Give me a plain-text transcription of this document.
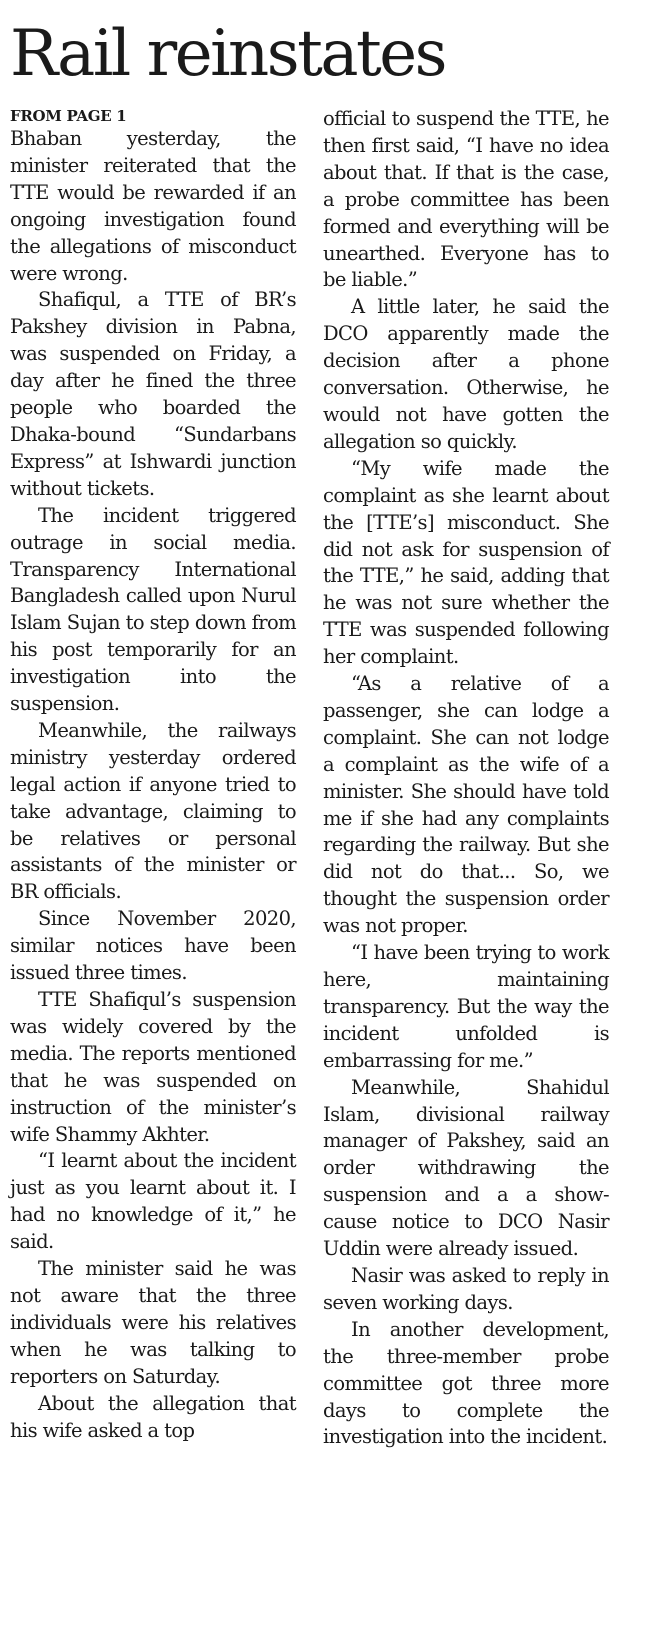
Rail reinstates
FROM PAGE 1

Bhaban yesterday, the minister reiterated that the TTE would be rewarded if an ongoing investigation found the allegations of misconduct were wrong.

Shafiqul, a TTE of BR’s Pakshey division in Pabna, was suspended on Friday, a day after he fined the three people who boarded the Dhaka-bound “Sundarbans Express” at Ishwardi junction without tickets.

The incident triggered outrage in social media. Transparency International Bangladesh called upon Nurul Islam Sujan to step down from his post temporarily for an investigation into the suspension.

Meanwhile, the railways ministry yesterday ordered legal action if anyone tried to take advantage, claiming to be relatives or personal assistants of the minister or BR officials.

Since November 2020, similar notices have been issued three times.

TTE Shafiqul’s suspension was widely covered by the media. The reports mentioned that he was suspended on instruction of the minister’s wife Shammy Akhter.

“I learnt about the incident just as you learnt about it. I had no knowledge of it,” he said.

The minister said he was not aware that the three individuals were his relatives when he was talking to reporters on Saturday.

About the allegation that his wife asked a top

official to suspend the TTE, he then first said, “I have no idea about that. If that is the case, a probe committee has been formed and everything will be unearthed. Everyone has to be liable.”

A little later, he said the DCO apparently made the decision after a phone conversation. Otherwise, he would not have gotten the allegation so quickly.

“My wife made the complaint as she learnt about the [TTE’s] misconduct. She did not ask for suspension of the TTE,” he said, adding that he was not sure whether the TTE was suspended following her complaint.

“As a relative of a passenger, she can lodge a complaint. She can not lodge a complaint as the wife of a minister. She should have told me if she had any complaints regarding the railway. But she did not do that... So, we thought the suspension order was not proper.

“I have been trying to work here, maintaining transparency. But the way the incident unfolded is embarrassing for me.”

Meanwhile, Shahidul Islam, divisional railway manager of Pakshey, said an order withdrawing the suspension and a a show-cause notice to DCO Nasir Uddin were already issued.

Nasir was asked to reply in seven working days.

In another development, the three-member probe committee got three more days to complete the investigation into the incident.
